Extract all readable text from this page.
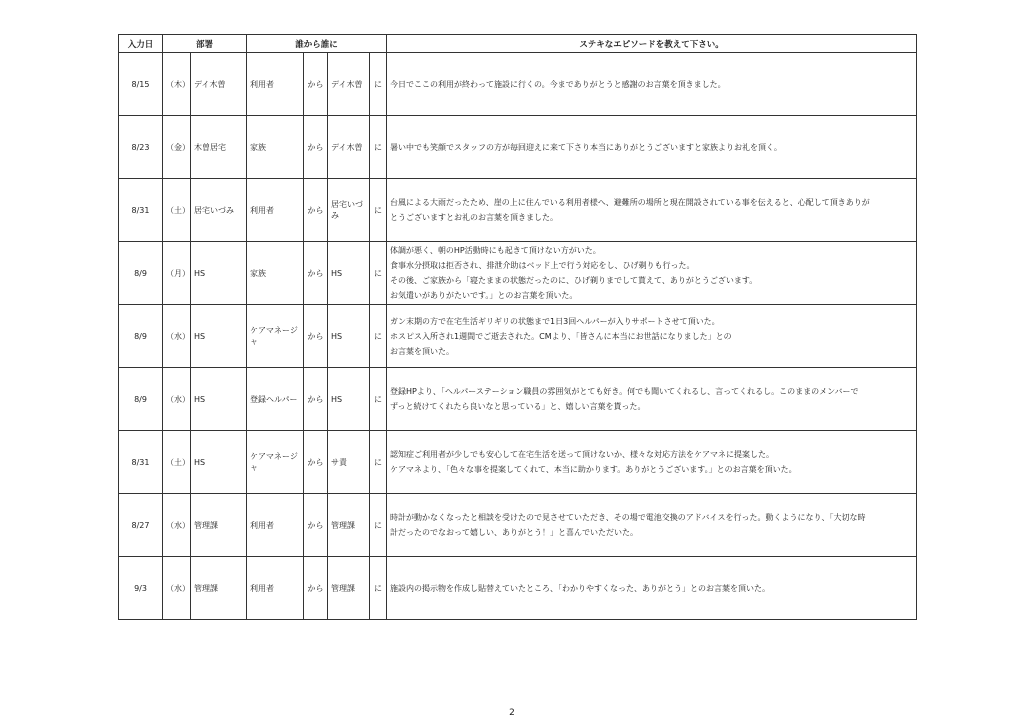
入力日	部署		誰から誰に				ステキなエピソードを教えて下さい。
8/15	（木）	デイ木曽	利用者	から	デイ木曽	に	今日でここの利用が終わって施設に行くの。今までありがとうと感謝のお言葉を頂きました。

8/23	（金）	木曽居宅	家族	から	デイ木曽	に	暑い中でも笑顔でスタッフの方が毎回迎えに来て下さり本当にありがとうございますと家族よりお礼を頂く。

8/31	（土）	居宅いづみ	利用者	から	居宅いづみ	に	台風による大雨だったため、崖の上に住んでいる利用者様へ、避難所の場所と現在開設されている事を伝えると、心配して頂きありが
とうございますとお礼のお言葉を頂きました。

8/9	（月）	HS	家族	から	HS	に	体調が悪く、朝のHP活動時にも起きて頂けない方がいた。
食事水分摂取は拒否され、排泄介助はベッド上で行う対応をし、ひげ剃りも行った。
その後、ご家族から「寝たままの状態だったのに、ひげ剃りまでして貰えて、ありがとうございます。
お気遣いがありがたいです。」とのお言葉を頂いた。

8/9	（水）	HS	ケアマネージャ	から	HS	に	ガン末期の方で在宅生活ギリギリの状態まで1日3回ヘルパーが入りサポートさせて頂いた。
ホスピス入所され1週間でご逝去された。CMより、「皆さんに本当にお世話になりました」との
お言葉を頂いた。

8/9	（水）	HS	登録ヘルパー	から	HS	に	登録HPより、「ヘルパーステーション職員の雰囲気がとても好き。何でも聞いてくれるし、言ってくれるし。このままのメンバーで
ずっと続けてくれたら良いなと思っている」と、嬉しい言葉を貰った。

8/31	（土）	HS	ケアマネージャ	から	サ責	に	認知症ご利用者が少しでも安心して在宅生活を送って頂けないか、様々な対応方法をケアマネに提案した。
ケアマネより、「色々な事を提案してくれて、本当に助かります。ありがとうございます。」とのお言葉を頂いた。

8/27	（水）	管理課	利用者	から	管理課	に	時計が動かなくなったと相談を受けたので見させていただき、その場で電池交換のアドバイスを行った。動くようになり、「大切な時
計だったのでなおって嬉しい、ありがとう！」と喜んでいただいた。

9/3	（水）	管理課	利用者	から	管理課	に	施設内の掲示物を作成し貼替えていたところ、「わかりやすくなった、ありがとう」とのお言葉を頂いた。
2
